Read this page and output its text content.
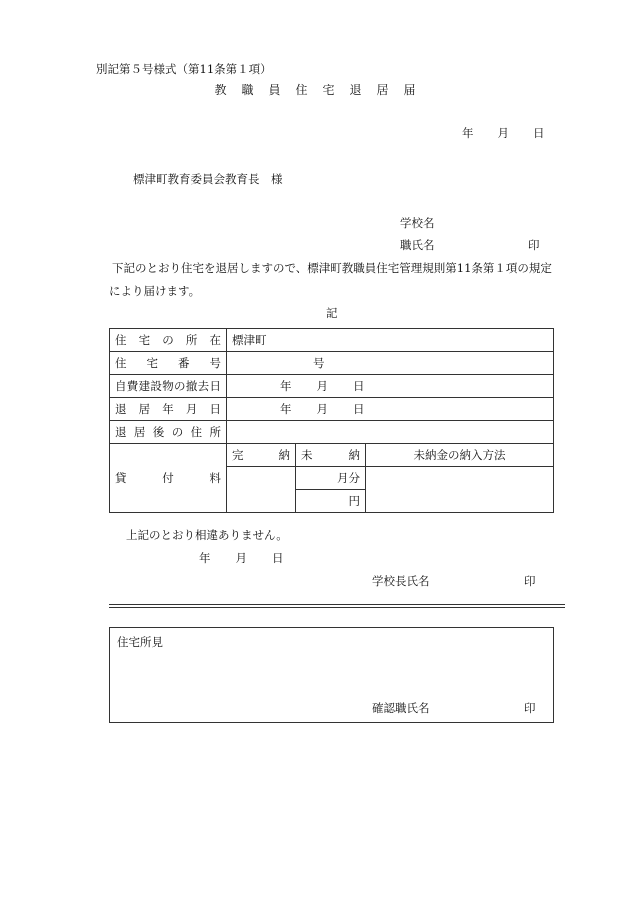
別記第５号様式（第11条第１項）
教職員住宅退居届
年 月 日
標津町教育委員会教育長　様
学校名
職氏名	印
下記のとおり住宅を退居しますので、標津町教職員住宅管理規則第11条第１項の規定
により届けます。
記
住宅の所在	標津町		
住宅番号	号		
自費建設物の撤去日	年 月 日		
退居年月日	年 月 日		
退居後の住所			
貸付料	完 納	未 納	未納金の納入方法
		月分	
		円	
上記のとおり相違ありません。
年 月 日
学校長氏名	印
住宅所見
確認職氏名	印
